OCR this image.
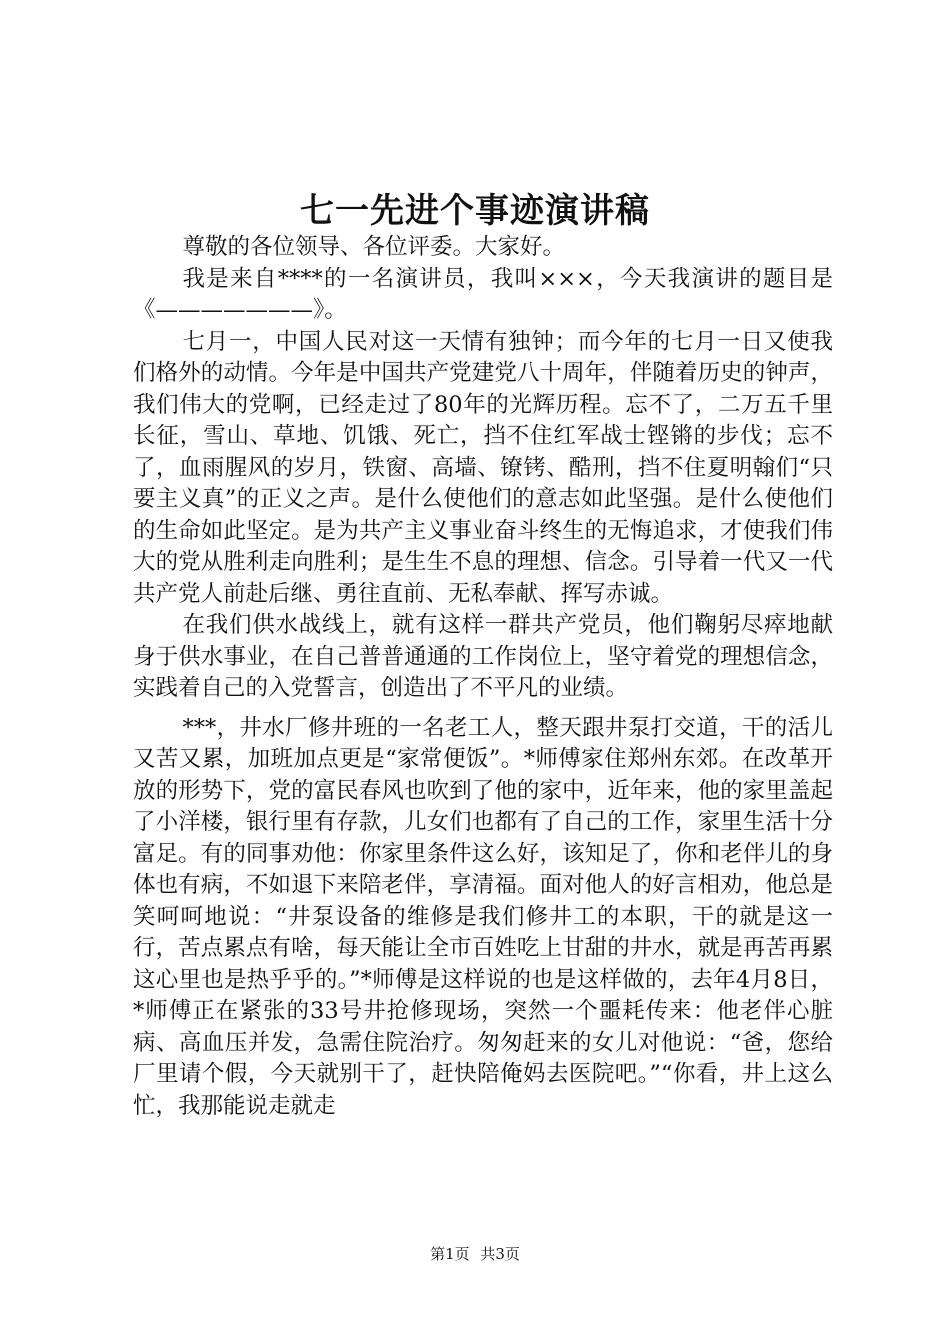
七一先进个事迹演讲稿

尊敬的各位领导、各位评委。大家好。

我是来自****的一名演讲员，我叫×××，今天我演讲的题目是《———————》。

七月一，中国人民对这一天情有独钟；而今年的七月一日又使我们格外的动情。今年是中国共产党建党八十周年，伴随着历史的钟声，我们伟大的党啊，已经走过了80年的光辉历程。忘不了，二万五千里长征，雪山、草地、饥饿、死亡，挡不住红军战士铿锵的步伐；忘不了，血雨腥风的岁月，铁窗、高墙、镣铐、酷刑，挡不住夏明翰们“只要主义真”的正义之声。是什么使他们的意志如此坚强。是什么使他们的生命如此坚定。是为共产主义事业奋斗终生的无悔追求，才使我们伟大的党从胜利走向胜利；是生生不息的理想、信念。引导着一代又一代共产党人前赴后继、勇往直前、无私奉献、挥写赤诚。

在我们供水战线上，就有这样一群共产党员，他们鞠躬尽瘁地献身于供水事业，在自己普普通通的工作岗位上，坚守着党的理想信念，实践着自己的入党誓言，创造出了不平凡的业绩。

***，井水厂修井班的一名老工人，整天跟井泵打交道，干的活儿又苦又累，加班加点更是“家常便饭”。*师傅家住郑州东郊。在改革开放的形势下，党的富民春风也吹到了他的家中，近年来，他的家里盖起了小洋楼，银行里有存款，儿女们也都有了自己的工作，家里生活十分富足。有的同事劝他：你家里条件这么好，该知足了，你和老伴儿的身体也有病，不如退下来陪老伴，享清福。面对他人的好言相劝，他总是笑呵呵地说：“井泵设备的维修是我们修井工的本职，干的就是这一行，苦点累点有啥，每天能让全市百姓吃上甘甜的井水，就是再苦再累这心里也是热乎乎的。”*师傅是这样说的也是这样做的，去年4月8日，*师傅正在紧张的33号井抢修现场，突然一个噩耗传来：他老伴心脏病、高血压并发，急需住院治疗。匆匆赶来的女儿对他说：“爸，您给厂里请个假，今天就别干了，赶快陪俺妈去医院吧。”“你看，井上这么忙，我那能说走就走

第1页 共3页
